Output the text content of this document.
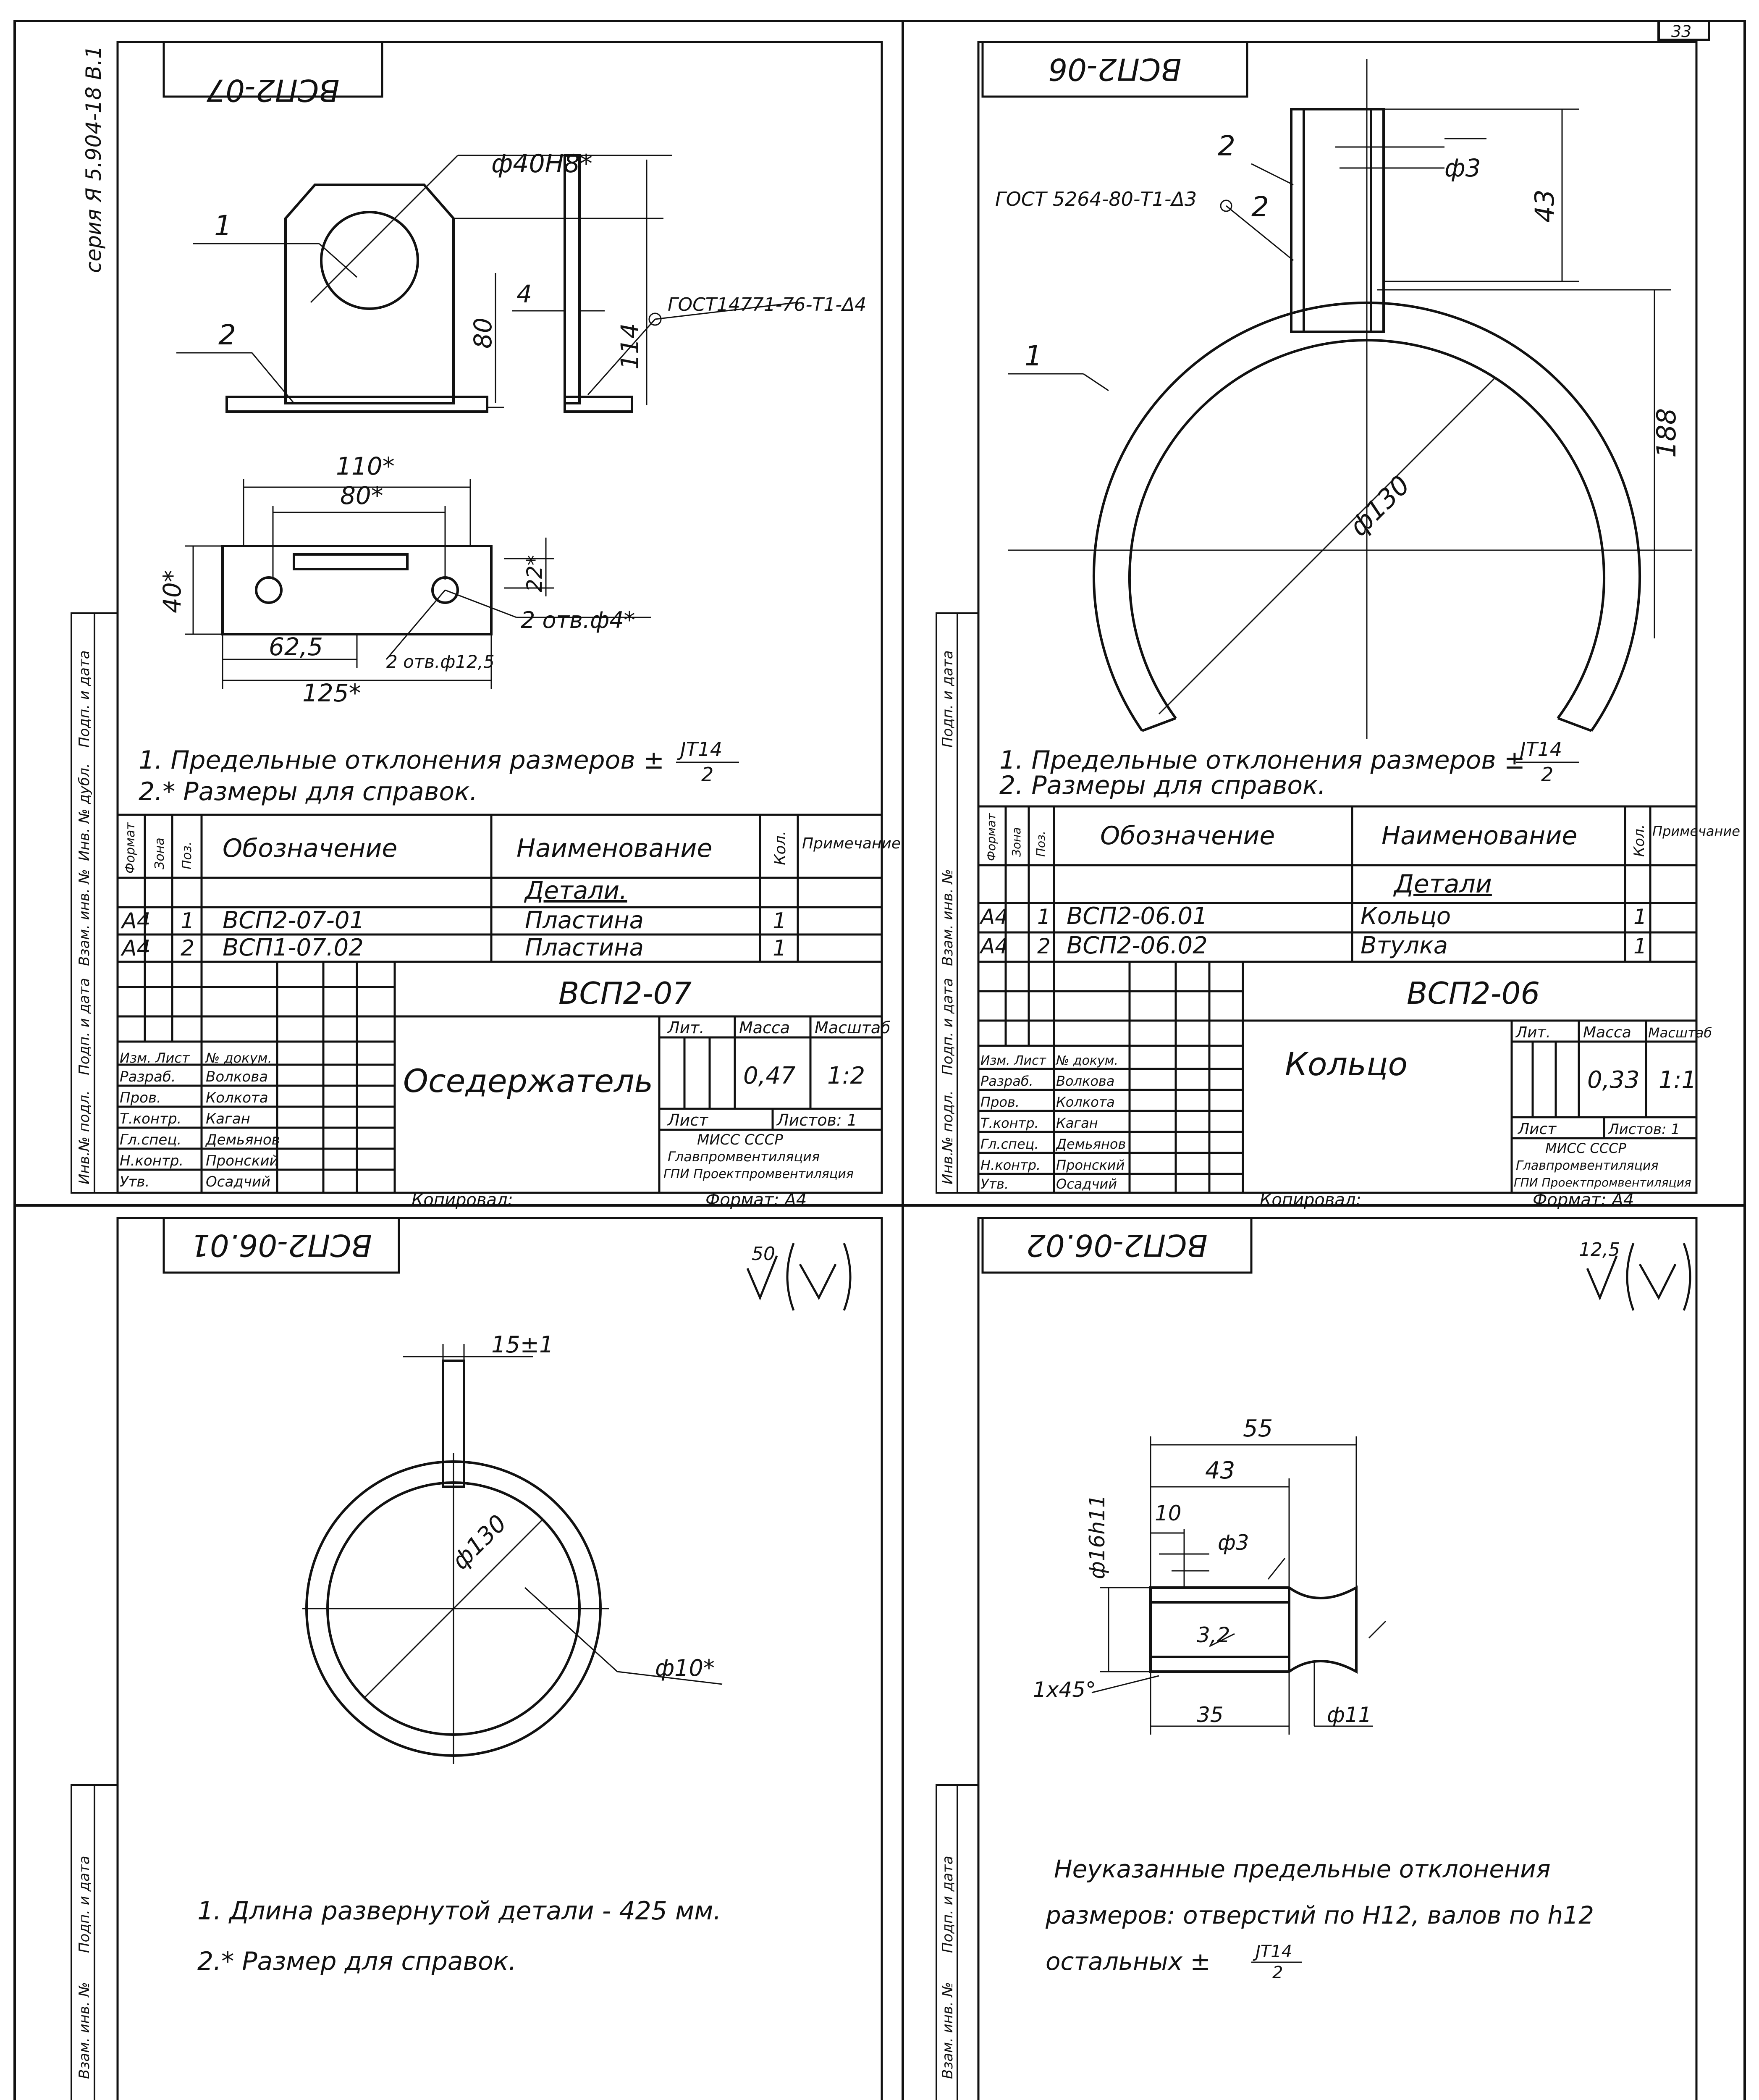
33
серия Я 5.904-18 В.1
Инв.№ подл.
Подп. и дата
Взам. инв. №
Инв. № дубл.
Подп. и дата
Инв.№ подл.
Подп. и дата
Взам. инв. №
Подп. и дата
Взам. инв. №
Подп. и дата
Взам. инв. №
Подп. и дата
ВСП2-07
ВСП2-06
ВСП2-06.01	ВСП2-06.02
ф40Н8*
114
80
4	ГОСТ14771-76-Т1-Δ4
1
2
110*
80*
40*	22*
62,5
125*
2 отв.ф4*
2 отв.ф12,5
1. Предельные отклонения размеров ± JT14
2
2.* Размеры для справок.
Обозначение	Наименование	Кол. Примечание
Формат Зона Поз.
Детали.
А4 1 ВСП2-07-01	Пластина	1
А4 2 ВСП1-07.02	Пластина	1
ВСП2-07
Оседержатель
Лит. Масса Масштаб
0,47 1:2
Лист	Листов: 1
МИСС СССР
Главпромвентиляция
ГПИ Проектпромвентиляция
Изм. Лист № докум.
Разраб. Волкова
Пров.	Колкотa
Т.контр. Каган
Гл.спец. Демьянов
Н.контр. Пронский
Утв.	Осадчий
Копировал:	Формат: А4
2
2
1
ГОСТ 5264-80-Т1-Δ3
ф3
43
188
ф130
1. Предельные отклонения размеров ±
JT14
2
2. Размеры для справок.
Обозначение	Наименование	Кол. Примечание
Формат Зона Поз.
Детали
А4 1 ВСП2-06.01	Кольцо	1
А4 2 ВСП2-06.02	Втулка	1
ВСП2-06
Кольцо
Лит. Масса Масштаб
0,33 1:1
Лист	Листов: 1
МИСС СССР
Главпромвентиляция
ГПИ Проектпромвентиляция
Изм. Лист № докум.
Разраб. Волкова
Пров.	Колкота
Т.контр. Каган
Гл.спец. Демьянов
Н.контр. Пронский
Утв.	Осадчий
Копировал:	Формат: А4
50
15±1
ф130
ф10*
1. Длина развернутой детали - 425 мм.
2.* Размер для справок.
12,5
55
43
10
ф3
ф16h11
1х45°
3,2
35	ф11
Неуказанные предельные отклонения
размеров: отверстий по Н12, валов по h12
остальных ±	JT14
2
